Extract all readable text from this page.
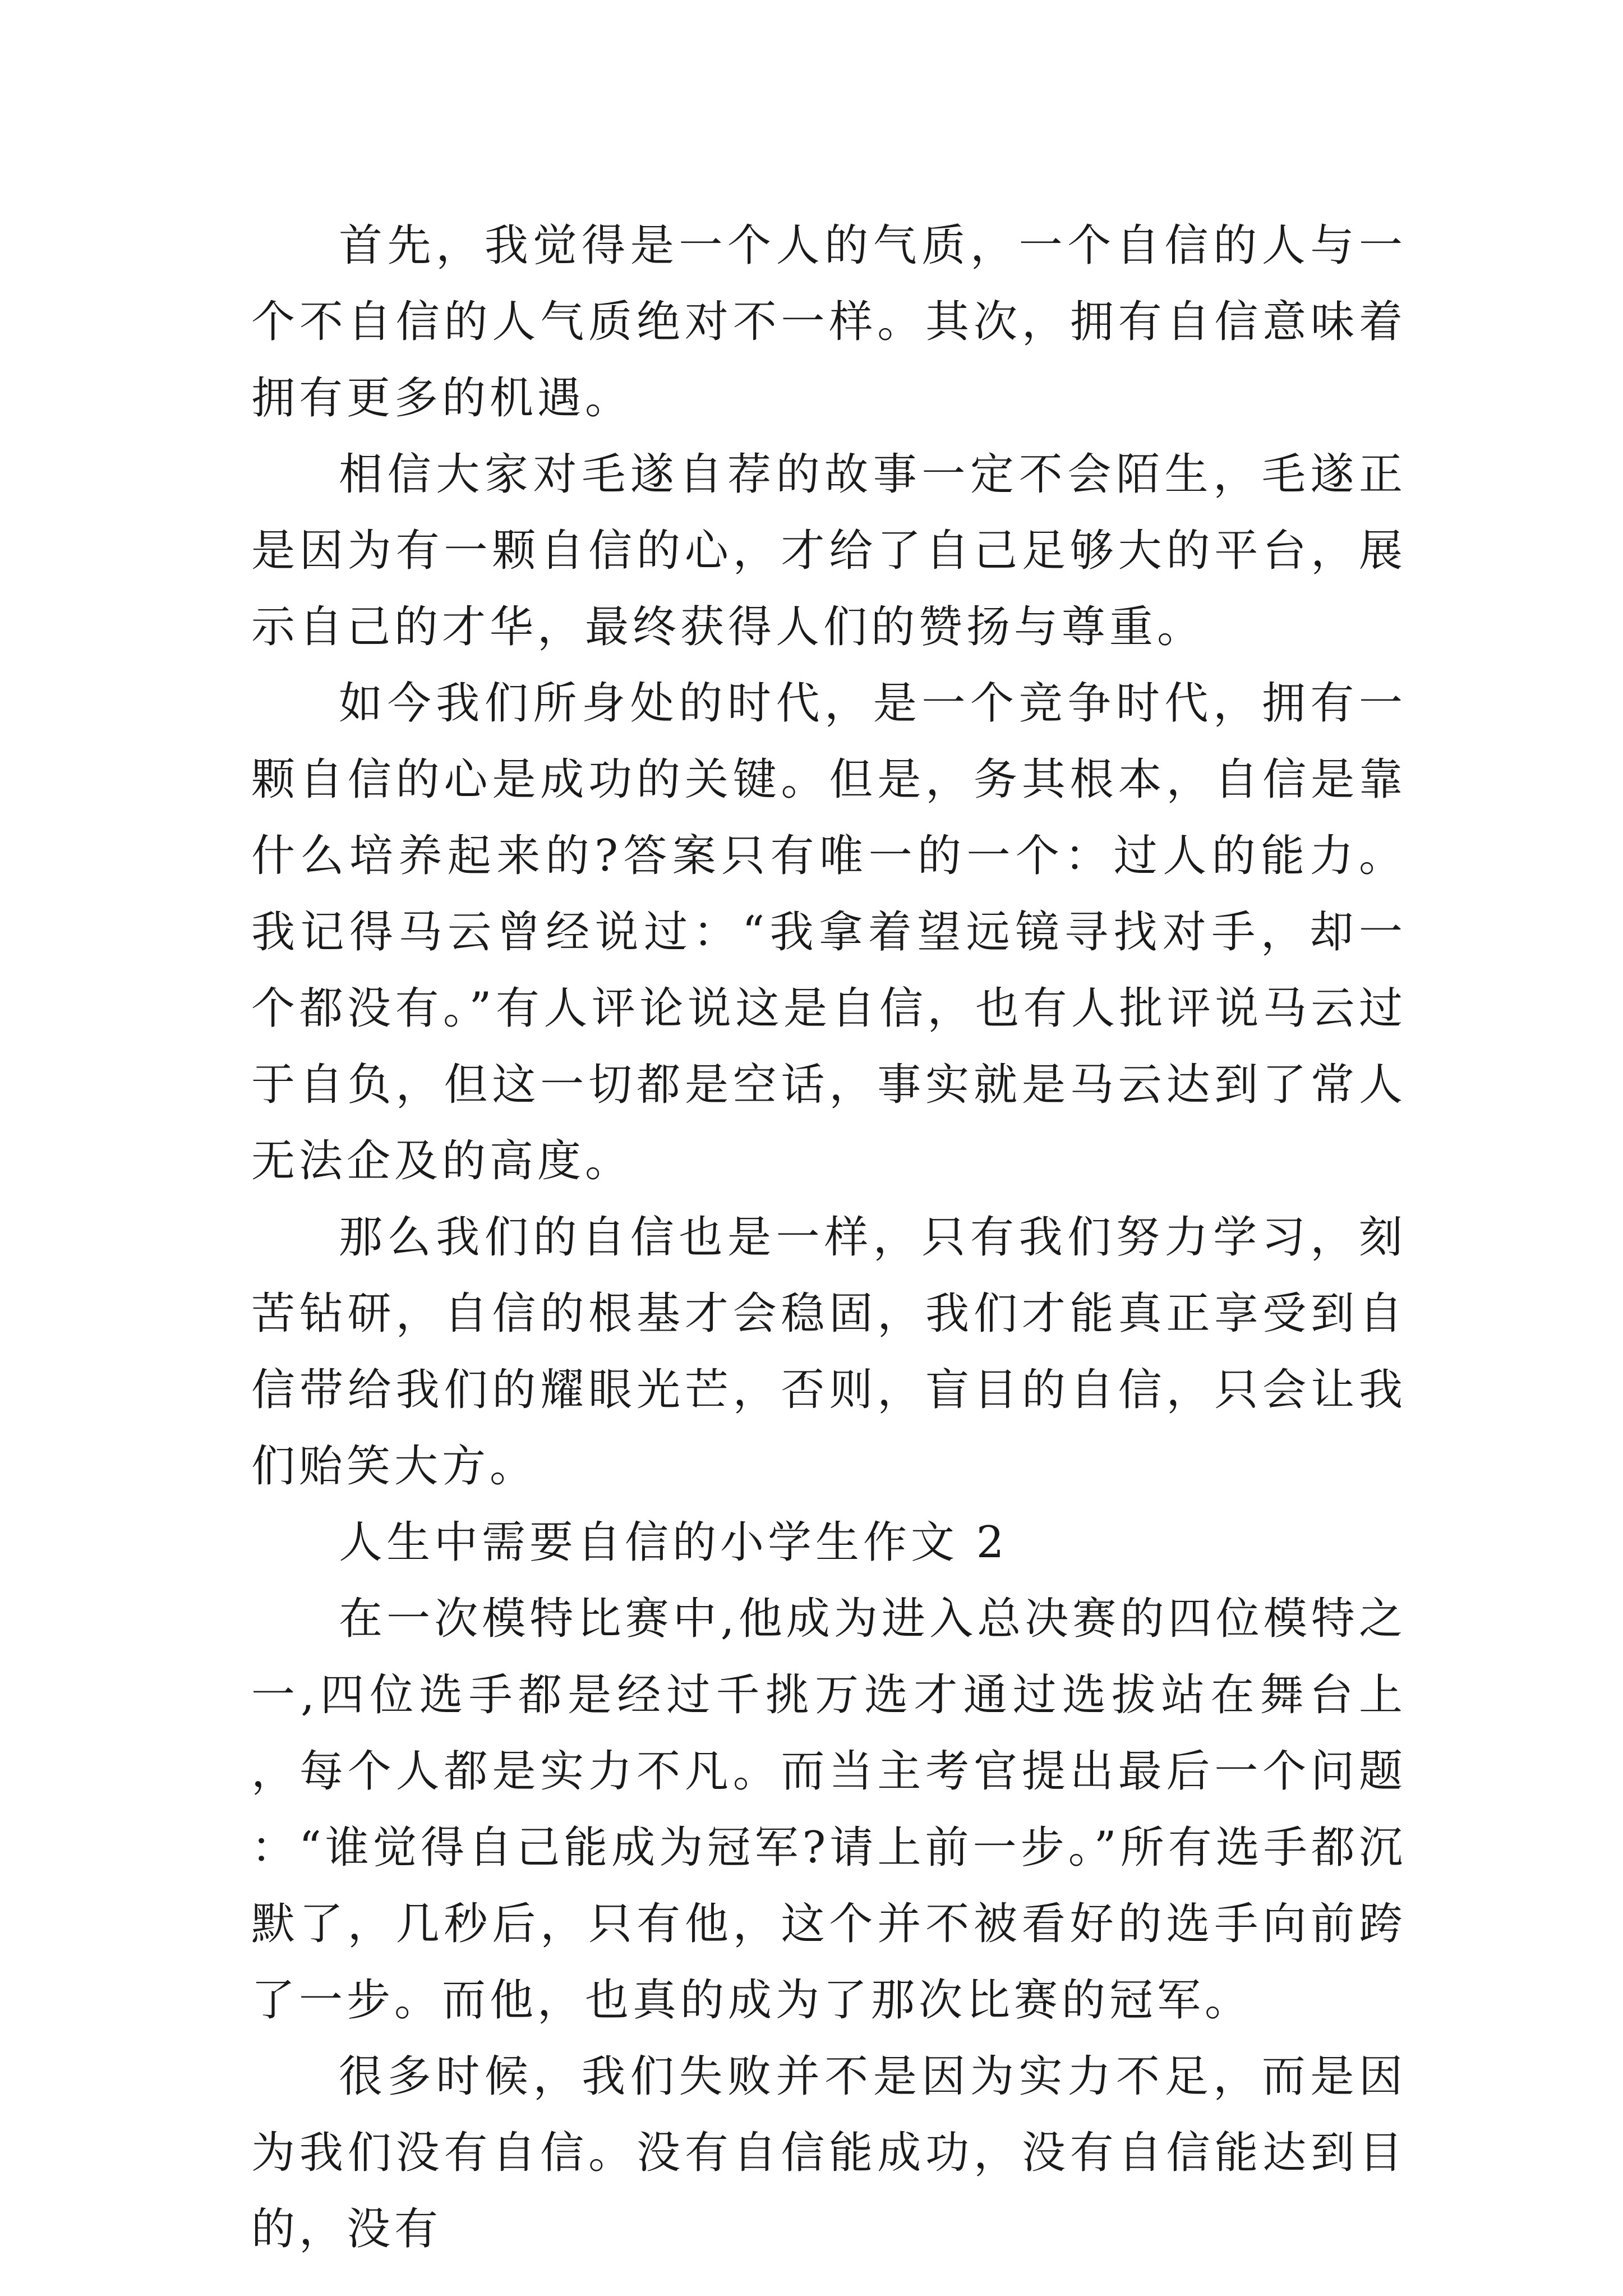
首先，我觉得是一个人的气质，一个自信的人与一个不自信的人气质绝对不一样。其次，拥有自信意味着拥有更多的机遇。

相信大家对毛遂自荐的故事一定不会陌生，毛遂正是因为有一颗自信的心，才给了自己足够大的平台，展示自己的才华，最终获得人们的赞扬与尊重。

如今我们所身处的时代，是一个竞争时代，拥有一颗自信的心是成功的关键。但是，务其根本，自信是靠什么培养起来的?答案只有唯一的一个：过人的能力。我记得马云曾经说过：“我拿着望远镜寻找对手，却一个都没有。”有人评论说这是自信，也有人批评说马云过于自负，但这一切都是空话，事实就是马云达到了常人无法企及的高度。

那么我们的自信也是一样，只有我们努力学习，刻苦钻研，自信的根基才会稳固，我们才能真正享受到自信带给我们的耀眼光芒，否则，盲目的自信，只会让我们贻笑大方。

人生中需要自信的小学生作文 2

在一次模特比赛中,他成为进入总决赛的四位模特之一,四位选手都是经过千挑万选才通过选拔站在舞台上，每个人都是实力不凡。而当主考官提出最后一个问题：“谁觉得自己能成为冠军?请上前一步。”所有选手都沉默了，几秒后，只有他，这个并不被看好的选手向前跨了一步。而他，也真的成为了那次比赛的冠军。

很多时候，我们失败并不是因为实力不足，而是因为我们没有自信。没有自信能成功，没有自信能达到目的，没有
